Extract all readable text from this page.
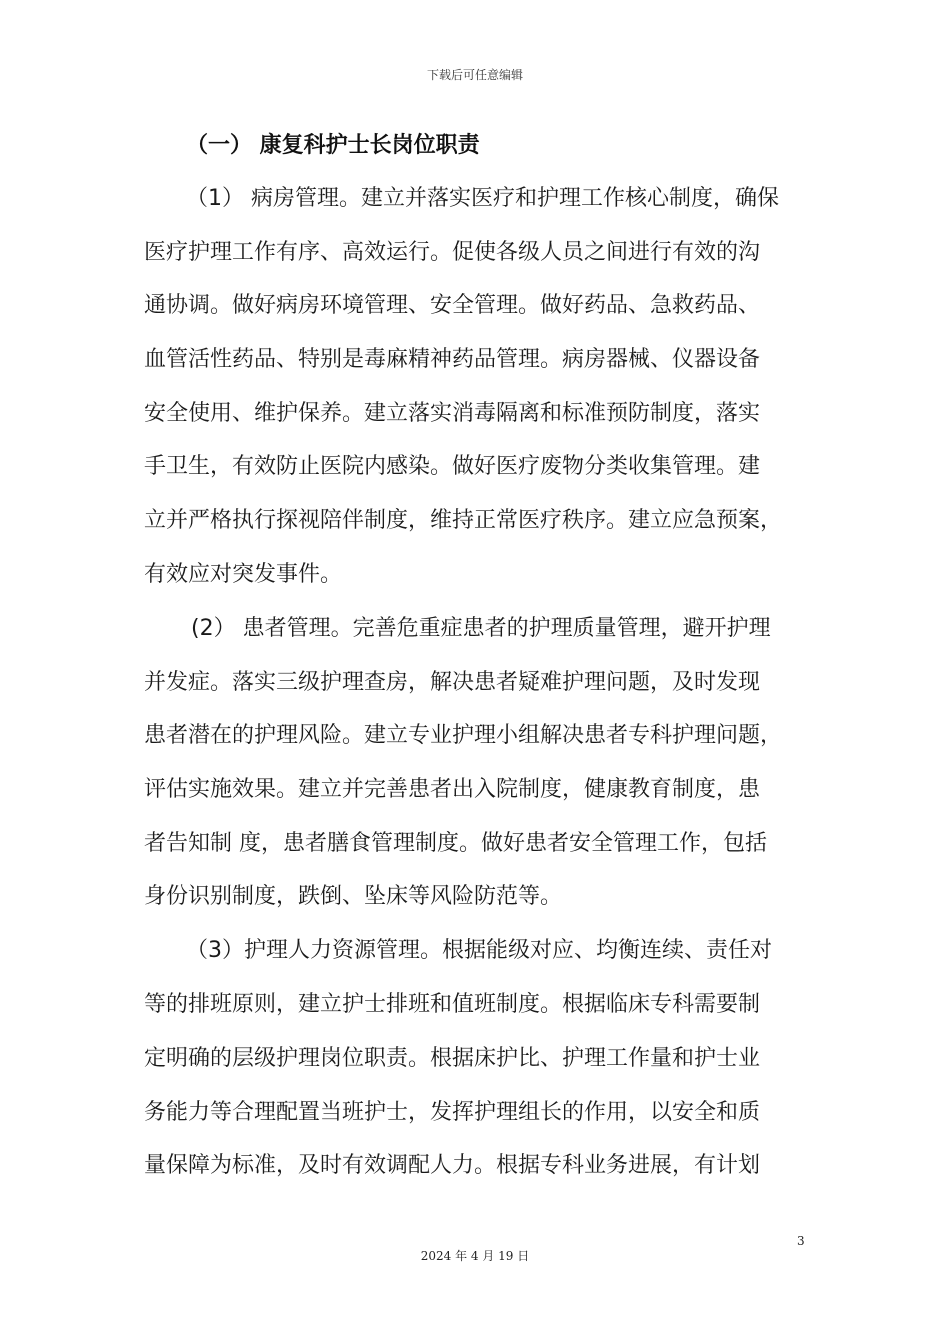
下载后可任意编辑
（一） 康复科护士长岗位职责
（1） 病房管理。建立并落实医疗和护理工作核心制度，确保
医疗护理工作有序、高效运行。促使各级人员之间进行有效的沟
通协调。做好病房环境管理、安全管理。做好药品、急救药品、
血管活性药品、特别是毒麻精神药品管理。病房器械、仪器设备
安全使用、维护保养。建立落实消毒隔离和标准预防制度，落实
手卫生，有效防止医院内感染。做好医疗废物分类收集管理。建
立并严格执行探视陪伴制度，维持正常医疗秩序。建立应急预案，
有效应对突发事件。
(2） 患者管理。完善危重症患者的护理质量管理，避开护理
并发症。落实三级护理查房，解决患者疑难护理问题，及时发现
患者潜在的护理风险。建立专业护理小组解决患者专科护理问题，
评估实施效果。建立并完善患者出入院制度，健康教育制度，患
者告知制 度，患者膳食管理制度。做好患者安全管理工作，包括
身份识别制度，跌倒、坠床等风险防范等。
（3）护理人力资源管理。根据能级对应、均衡连续、责任对
等的排班原则，建立护士排班和值班制度。根据临床专科需要制
定明确的层级护理岗位职责。根据床护比、护理工作量和护士业
务能力等合理配置当班护士，发挥护理组长的作用，以安全和质
量保障为标准，及时有效调配人力。根据专科业务进展，有计划
3
2024 年 4 月 19 日
